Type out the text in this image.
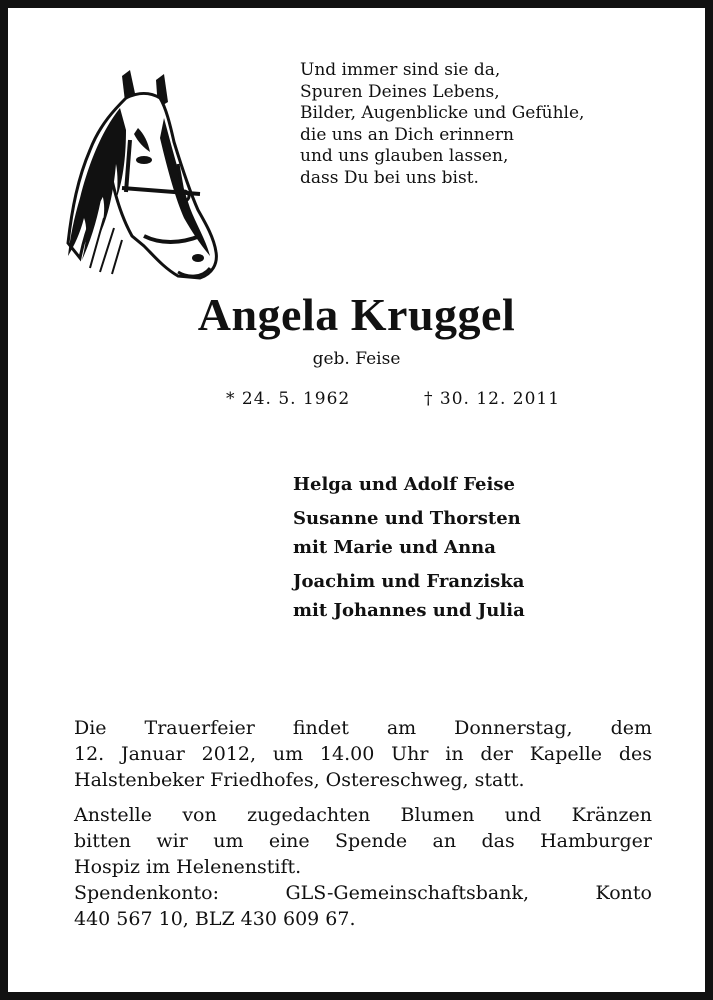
Und immer sind sie da,
Spuren Deines Lebens,
Bilder, Augenblicke und Gefühle,
die uns an Dich erinnern
und uns glauben lassen,
dass Du bei uns bist.
Angela Kruggel
geb. Feise
* 24. 5. 1962	† 30. 12. 2011
Helga und Adolf Feise
Susanne und Thorsten
mit Marie und Anna
Joachim und Franziska
mit Johannes und Julia

Die Trauerfeier findet am Donnerstag, dem

12. Januar 2012, um 14.00 Uhr in der Kapelle des

Halstenbeker Friedhofes, Ostereschweg, statt.

Anstelle von zugedachten Blumen und Kränzen

bitten wir um eine Spende an das Hamburger

Hospiz im Helenenstift.

Spendenkonto: GLS-Gemeinschaftsbank, Konto

440 567 10, BLZ 430 609 67.
